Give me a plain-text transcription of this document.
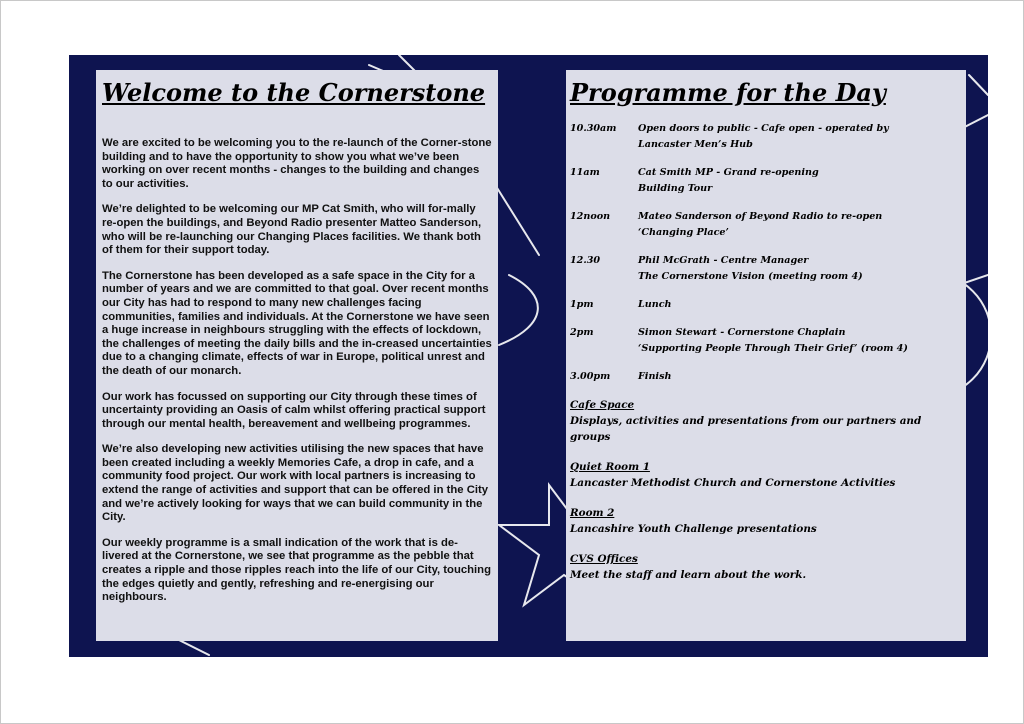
Welcome to the Cornerstone

We are excited to be welcoming you to the re-launch of the Corner-stone building and to have the opportunity to show you what we’ve been working on over recent months - changes to the building and changes to our activities.

We’re delighted to be welcoming our MP Cat Smith, who will for-mally re-open the buildings, and Beyond Radio presenter Matteo Sanderson, who will be re-launching our Changing Places facilities. We thank both of them for their support today.

The Cornerstone has been developed as a safe space in the City for a number of years and we are committed to that goal. Over recent months our City has had to respond to many new challenges facing communities, families and individuals. At the Cornerstone we have seen a huge increase in neighbours struggling with the effects of lockdown, the challenges of meeting the daily bills and the in-creased uncertainties due to a changing climate, effects of war in Europe, political unrest and the death of our monarch.

Our work has focussed on supporting our City through these times of uncertainty providing an Oasis of calm whilst offering practical support through our mental health, bereavement and wellbeing programmes.

We’re also developing new activities utilising the new spaces that have been created including a weekly Memories Cafe, a drop in cafe, and a community food project. Our work with local partners is increasing to extend the range of activities and support that can be offered in the City and we’re actively looking for ways that we can build community in the City.

Our weekly programme is a small indication of the work that is de-livered at the Cornerstone, we see that programme as the pebble that creates a ripple and those ripples reach into the life of our City, touching the edges quietly and gently, refreshing and re-energising our neighbours.

Programme for the Day
10.30am	Open doors to public - Cafe open - operated by
Lancaster Men’s Hub
11am	Cat Smith MP - Grand re-opening
Building Tour
12noon	Mateo Sanderson of Beyond Radio to re-open
‘Changing Place’
12.30	Phil McGrath - Centre Manager
The Cornerstone Vision (meeting room 4)
1pm	Lunch
2pm	Simon Stewart - Cornerstone Chaplain
‘Supporting People Through Their Grief’ (room 4)
3.00pm	Finish
Cafe Space
Displays, activities and presentations from our partners and groups
Quiet Room 1
Lancaster Methodist Church and Cornerstone Activities
Room 2
Lancashire Youth Challenge presentations
CVS Offices
Meet the staff and learn about the work.
